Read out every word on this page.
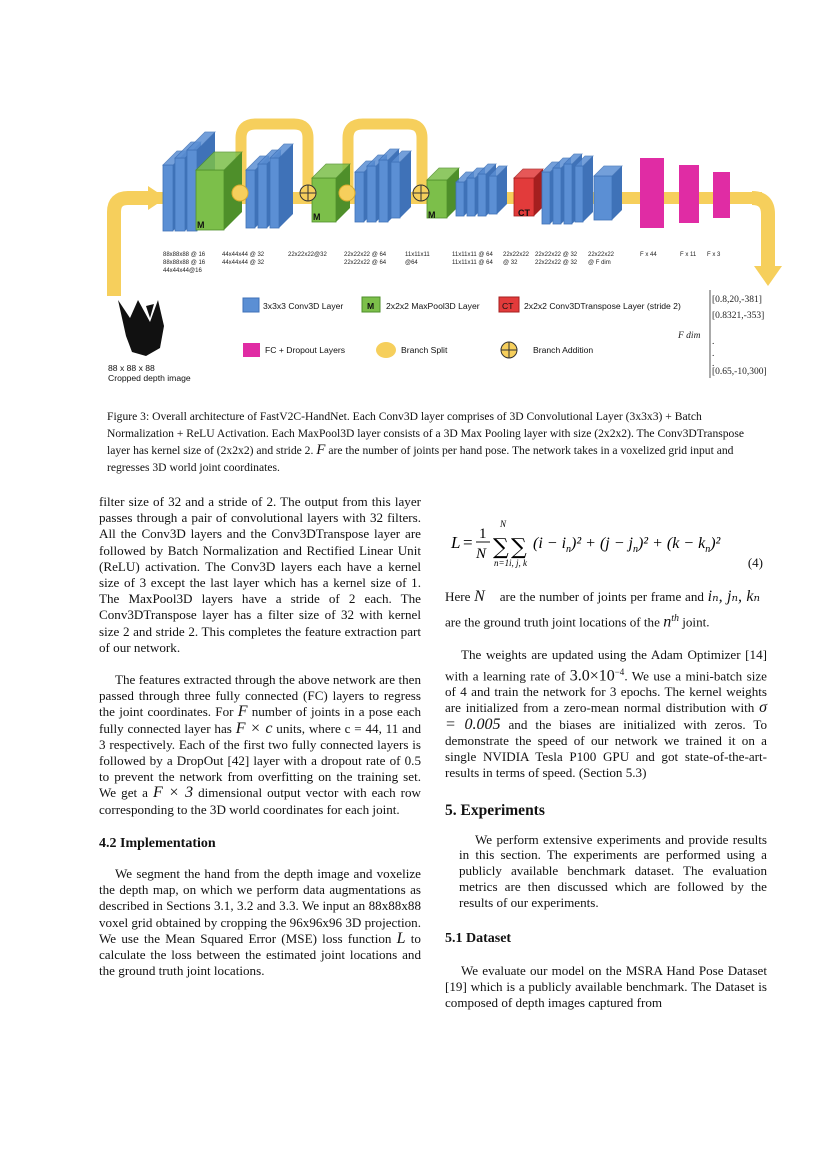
M
M	M	CT
88x88x88 @ 16
88x88x88 @ 16
44x44x44@16
44x44x44 @ 32
44x44x44 @ 32
22x22x22@32	22x22x22 @ 64
22x22x22 @ 64
11x11x11
@64
11x11x11 @ 64
11x11x11 @ 64
22x22x22
@ 32
22x22x22 @ 32
22x22x22 @ 32
22x22x22
@ F dim
F x 44	F x 11 F x 3
88 x 88 x 88
Cropped depth image
3x3x3 Conv3D Layer	M 2x2x2 MaxPool3D Layer	CT 2x2x2 Conv3DTranspose Layer (stride 2)
FC + Dropout Layers	Branch Split	Branch Addition
[0.8,20,-381]
[0.8321,-353]
.
.
.
[0.65,-10,300]
F dim
Figure 3: Overall architecture of FastV2C-HandNet. Each Conv3D layer comprises of 3D Convolutional Layer (3x3x3) + Batch Normalization + ReLU Activation. Each MaxPool3D layer consists of a 3D Max Pooling layer with size (2x2x2). The Conv3DTranspose layer has kernel size of (2x2x2) and stride 2. F are the number of joints per hand pose. The network takes in a voxelized grid input and regresses 3D world joint coordinates.

filter size of 32 and a stride of 2. The output from this layer passes through a pair of convolutional layers with 32 filters. All the Conv3D layers and the Conv3DTranspose layer are followed by Batch Normalization and Rectified Linear Unit (ReLU) activation. The Conv3D layers each have a kernel size of 3 except the last layer which has a kernel size of 1. The MaxPool3D layers have a stride of 2 each. The Conv3DTranspose layer has a filter size of 32 with kernel size 2 and stride 2. This completes the feature extraction part of our network.

The features extracted through the above network are then passed through three fully connected (FC) layers to regress the joint coordinates. For F number of joints in a pose each fully connected layer has F × c units, where c = 44, 11 and 3 respectively. Each of the first two fully connected layers is followed by a DropOut [42] layer with a dropout rate of 0.5 to prevent the network from overfitting on the training set. We get a F × 3 dimensional output vector with each row corresponding to the 3D world coordinates for each joint.

4.2 Implementation

We segment the hand from the depth image and voxelize the depth map, on which we perform data augmentations as described in Sections 3.1, 3.2 and 3.3. We input an 88x88x88 voxel grid obtained by cropping the 96x96x96 3D projection. We use the Mean Squared Error (MSE) loss function L to calculate the loss between the estimated joint locations and the ground truth joint locations.

L = 1
N ∑
N
n=1
∑
i, j, k
$(i - i_n)^2 + (j - j_n)^2 + (k - k_n)^2$
(4)

Here N    are the number of joints per frame and iₙ, jₙ, kₙ   are the ground truth joint locations of the $n^{th}$ joint.

The weights are updated using the Adam Optimizer [14] with a learning rate of $3.0\times 10^{-4}$. We use a mini-batch size of 4 and train the network for 3 epochs. The kernel weights are initialized from a zero-mean normal distribution with σ = 0.005 and the biases are initialized with zeros. To demonstrate the speed of our network we trained it on a single NVIDIA Tesla P100 GPU and got state-of-the-art-results in terms of speed. (Section 5.3)

5. Experiments

We perform extensive experiments and provide results in this section. The experiments are performed using a publicly available benchmark dataset. The evaluation metrics are then discussed which are followed by the results of our experiments.

5.1 Dataset

We evaluate our model on the MSRA Hand Pose Dataset [19] which is a publicly available benchmark. The Dataset is composed of depth images captured from
